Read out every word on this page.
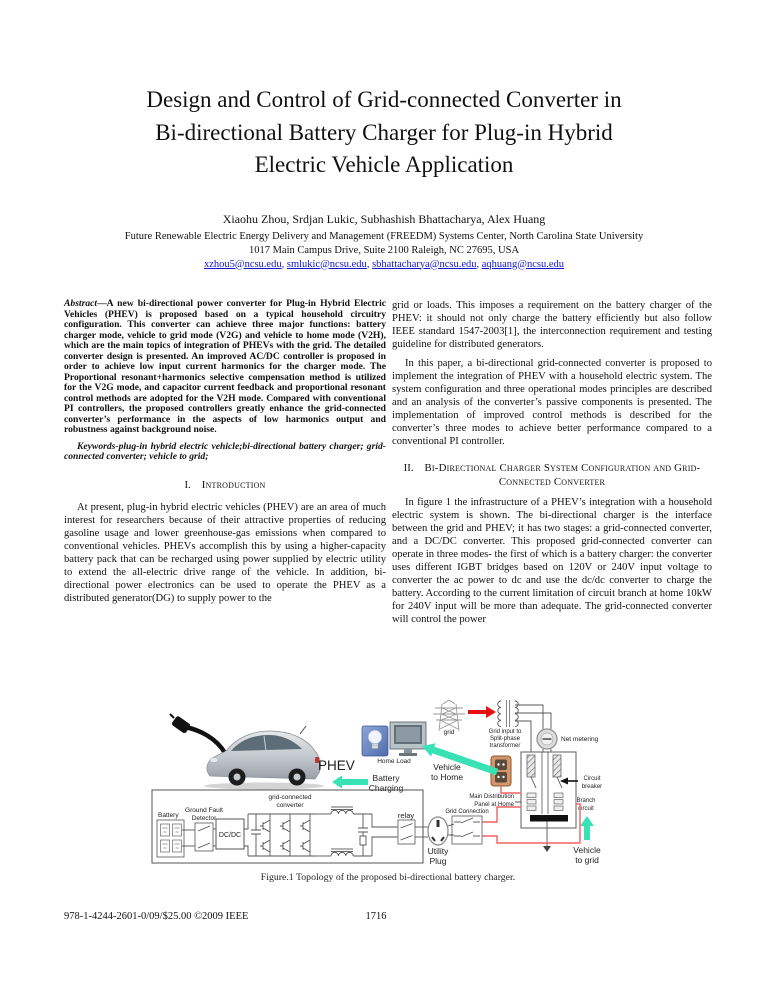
Design and Control of Grid-connected Converter in
Bi-directional Battery Charger for Plug-in Hybrid
Electric Vehicle Application
Xiaohu Zhou, Srdjan Lukic, Subhashish Bhattacharya, Alex Huang
Future Renewable Electric Energy Delivery and Management (FREEDM) Systems Center, North Carolina State University
1017 Main Campus Drive, Suite 2100 Raleigh, NC 27695, USA
xzhou5@ncsu.edu, smlukic@ncsu.edu, sbhattacharya@ncsu.edu, aqhuang@ncsu.edu

Abstract—A new bi-directional power converter for Plug-in Hybrid Electric Vehicles (PHEV) is proposed based on a typical household circuitry configuration. This converter can achieve three major functions: battery charger mode, vehicle to grid mode (V2G) and vehicle to home mode (V2H), which are the main topics of integration of PHEVs with the grid. The detailed converter design is presented. An improved AC/DC controller is proposed in order to achieve low input current harmonics for the charger mode. The Proportional resonant+harmonics selective compensation method is utilized for the V2G mode, and capacitor current feedback and proportional resonant control methods are adopted for the V2H mode. Compared with conventional PI controllers, the proposed controllers greatly enhance the grid-connected converter’s performance in the aspects of low harmonics output and robustness against background noise.

Keywords-plug-in hybrid electric vehicle;bi-directional battery charger; grid-connected converter; vehicle to grid;

I. Introduction

At present, plug-in hybrid electric vehicles (PHEV) are an area of much interest for researchers because of their attractive properties of reducing gasoline usage and lower greenhouse-gas emissions when compared to conventional vehicles. PHEVs accomplish this by using a higher-capacity battery pack that can be recharged using power supplied by electric utility to extend the all-electric drive range of the vehicle. In addition, bi-directional power electronics can be used to operate the PHEV as a distributed generator(DG) to supply power to the

grid or loads. This imposes a requirement on the battery charger of the PHEV: it should not only charge the battery efficiently but also follow IEEE standard 1547-2003[1], the interconnection requirement and testing guideline for distributed generators.

In this paper, a bi-directional grid-connected converter is proposed to implement the integration of PHEV with a household electric system. The system configuration and three operational modes principles are described and an analysis of the converter’s passive components is presented. The implementation of improved control methods is described for the converter’s three modes to achieve better performance compared to a conventional PI controller.

II. Bi-Directional Charger System Configuration and Grid-Connected Converter

In figure 1 the infrastructure of a PHEV’s integration with a household electric system is shown. The bi-directional charger is the interface between the grid and PHEV; it has two stages: a grid-connected converter, and a DC/DC converter. This proposed grid-connected converter can operate in three modes- the first of which is a battery charger: the converter uses different IGBT bridges based on 120V or 240V input voltage to converter the ac power to dc and use the dc/dc converter to charge the battery. According to the current limitation of circuit branch at home 10kW for 240V input will be more than adequate. The grid-connected converter will control the power

PHEV	Home Load
grid	Grid input to
Split-phase
transformer
Net metering
Circuit
breaker
Main Distribution
Panel at Home
Branch
circuit
Vehicle
to Home
Battery
Charging
Vehicle
to grid
Grid Connection
Utility
Plug
grid-connected
converter
Battery
Ground Fault
Detector
DC/DC
relay
Figure.1 Topology of the proposed bi-directional battery charger.
978-1-4244-2601-0/09/$25.00 ©2009 IEEE	1716
